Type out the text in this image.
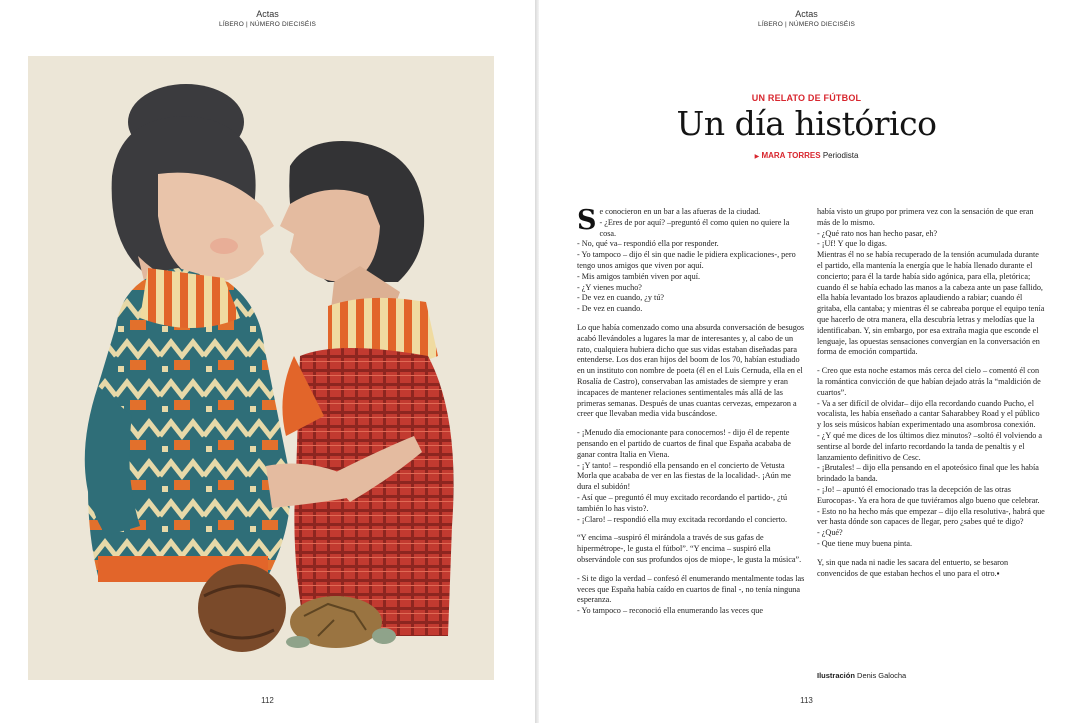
Actas
LÍBERO | NÚMERO DIECISÉIS
112
Actas
LÍBERO | NÚMERO DIECISÉIS
UN RELATO DE FÚTBOL
Un día histórico
▶ MARA TORRES Periodista
S e conocieron en un bar a las afueras de la ciudad.

- ¿Eres de por aquí? –preguntó él como quien no quiere la cosa.

- No, qué va– respondió ella por responder.

- Yo tampoco – dijo él sin que nadie le pidiera explicaciones-, pero tengo unos amigos que viven por aquí.

- Mis amigos también viven por aquí.

- ¿Y vienes mucho?

- De vez en cuando, ¿y tú?

- De vez en cuando.

Lo que había comenzado como una absurda conversación de besugos acabó llevándoles a lugares la mar de interesantes y, al cabo de un rato, cualquiera hubiera dicho que sus vidas estaban diseñadas para entenderse. Los dos eran hijos del boom de los 70, habían estudiado en un instituto con nombre de poeta (él en el Luis Cernuda, ella en el Rosalía de Castro), conservaban las amistades de siempre y eran incapaces de mantener relaciones sentimentales más allá de las primeras semanas. Después de unas cuantas cervezas, empezaron a creer que llevaban media vida buscándose.

- ¡Menudo día emocionante para conocernos! - dijo él de repente pensando en el partido de cuartos de final que España acababa de ganar contra Italia en Viena.

- ¡Y tanto! – respondió ella pensando en el concierto de Vetusta Morla que acababa de ver en las fiestas de la localidad-. ¡Aún me dura el subidón!

- Así que – preguntó él muy excitado recordando el partido-, ¿tú también lo has visto?.

- ¡Claro! – respondió ella muy excitada recordando el concierto.

“Y encima –suspiró él mirándola a través de sus gafas de hipermétrope-, le gusta el fútbol”. “Y encima – suspiró ella observándole con sus profundos ojos de miope-, le gusta la música”.

- Si te digo la verdad – confesó él enumerando mentalmente todas las veces que España había caído en cuartos de final -, no tenía ninguna esperanza.

- Yo tampoco – reconoció ella enumerando las veces que

había visto un grupo por primera vez con la sensación de que eran más de lo mismo.

- ¿Qué rato nos han hecho pasar, eh?

- ¡Uf! Y que lo digas.

Mientras él no se había recuperado de la tensión acumulada durante el partido, ella mantenía la energía que le había llenado durante el concierto; para él la tarde había sido agónica, para ella, pletórica; cuando él se había echado las manos a la cabeza ante un pase fallido, ella había levantado los brazos aplaudiendo a rabiar; cuando él gritaba, ella cantaba; y mientras él se cabreaba porque el equipo tenía que hacerlo de otra manera, ella descubría letras y melodías que la identificaban. Y, sin embargo, por esa extraña magia que esconde el lenguaje, las opuestas sensaciones convergían en la conversación en forma de emoción compartida.

- Creo que esta noche estamos más cerca del cielo – comentó él con la romántica convicción de que habían dejado atrás la “maldición de cuartos”.

- Va a ser difícil de olvidar– dijo ella recordando cuando Pucho, el vocalista, les había enseñado a cantar Saharabbey Road y el público y los seis músicos habían experimentado una asombrosa conexión.

- ¿Y qué me dices de los últimos diez minutos? –soltó él volviendo a sentirse al borde del infarto recordando la tanda de penaltis y el lanzamiento definitivo de Cesc.

- ¡Brutales! – dijo ella pensando en el apoteósico final que les había brindado la banda.

- ¡Jo! – apuntó él emocionado tras la decepción de las otras Eurocopas-. Ya era hora de que tuviéramos algo bueno que celebrar.

- Esto no ha hecho más que empezar – dijo ella resolutiva-, habrá que ver hasta dónde son capaces de llegar, pero ¿sabes qué te digo?

- ¿Qué?

- Que tiene muy buena pinta.

Y, sin que nada ni nadie les sacara del entuerto, se besaron convencidos de que estaban hechos el uno para el otro.▪

Ilustración Denis Galocha
113
